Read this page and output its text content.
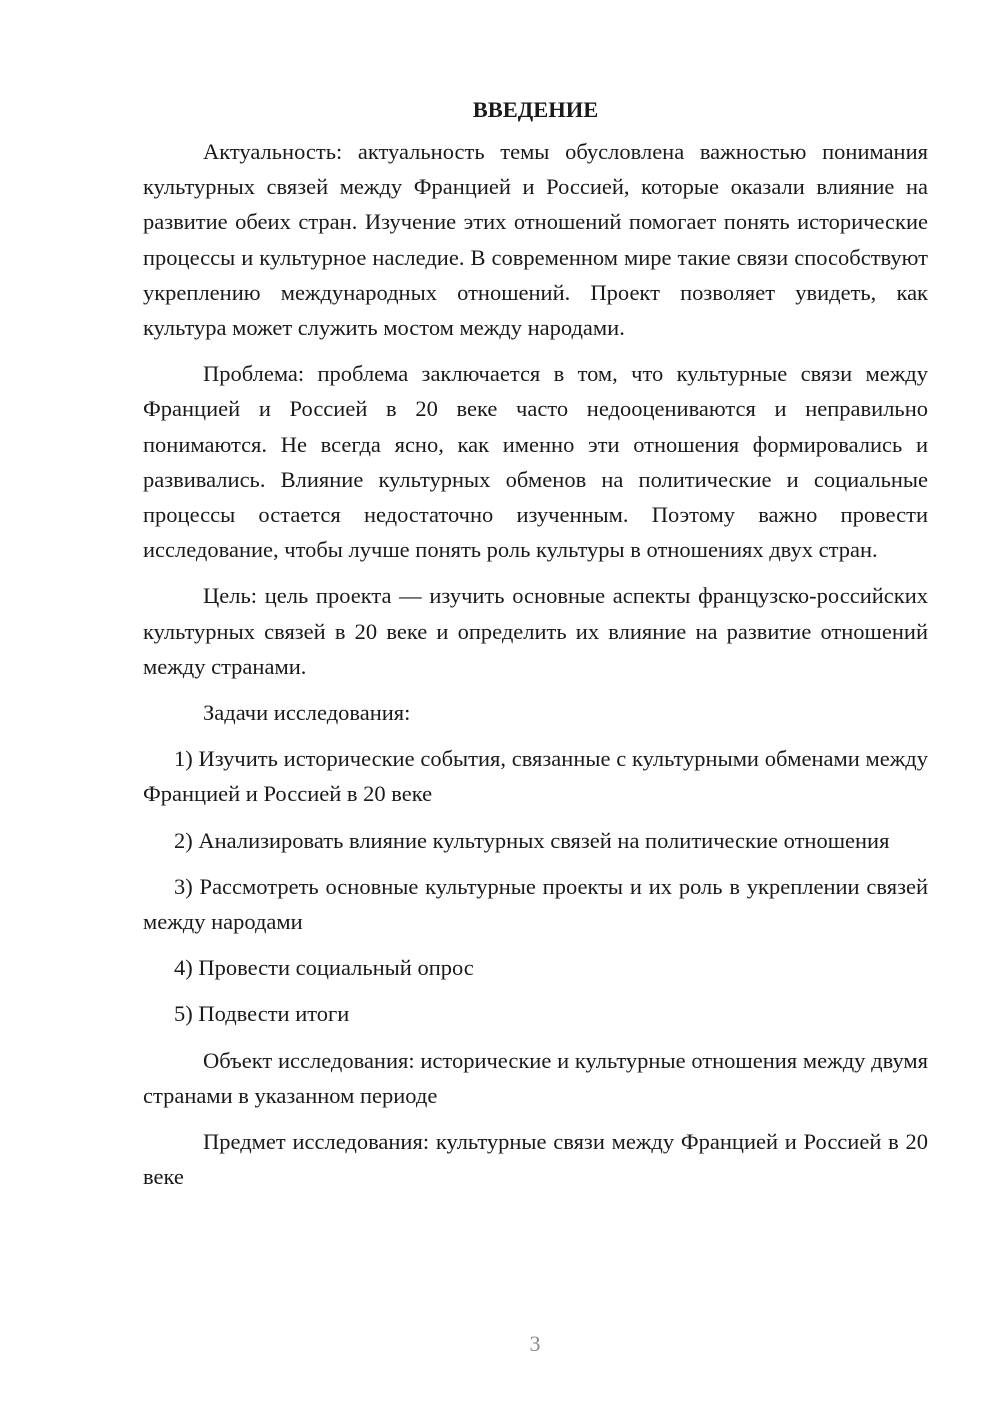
ВВЕДЕНИЕ

Актуальность: актуальность темы обусловлена важностью понимания культурных связей между Францией и Россией, которые оказали влияние на развитие обеих стран. Изучение этих отношений помогает понять исторические процессы и культурное наследие. В современном мире такие связи способствуют укреплению международных отношений. Проект позволяет увидеть, как культура может служить мостом между народами.

Проблема: проблема заключается в том, что культурные связи между Францией и Россией в 20 веке часто недооцениваются и неправильно понимаются. Не всегда ясно, как именно эти отношения формировались и развивались. Влияние культурных обменов на политические и социальные процессы остается недостаточно изученным. Поэтому важно провести исследование, чтобы лучше понять роль культуры в отношениях двух стран.

Цель: цель проекта — изучить основные аспекты французско-российских культурных связей в 20 веке и определить их влияние на развитие отношений между странами.

Задачи исследования:

1) Изучить исторические события, связанные с культурными обменами между Францией и Россией в 20 веке

2) Анализировать влияние культурных связей на политические отношения

3) Рассмотреть основные культурные проекты и их роль в укреплении связей между народами

4) Провести социальный опрос

5) Подвести итоги

Объект исследования: исторические и культурные отношения между двумя странами в указанном периоде

Предмет исследования: культурные связи между Францией и Россией в 20 веке

3
